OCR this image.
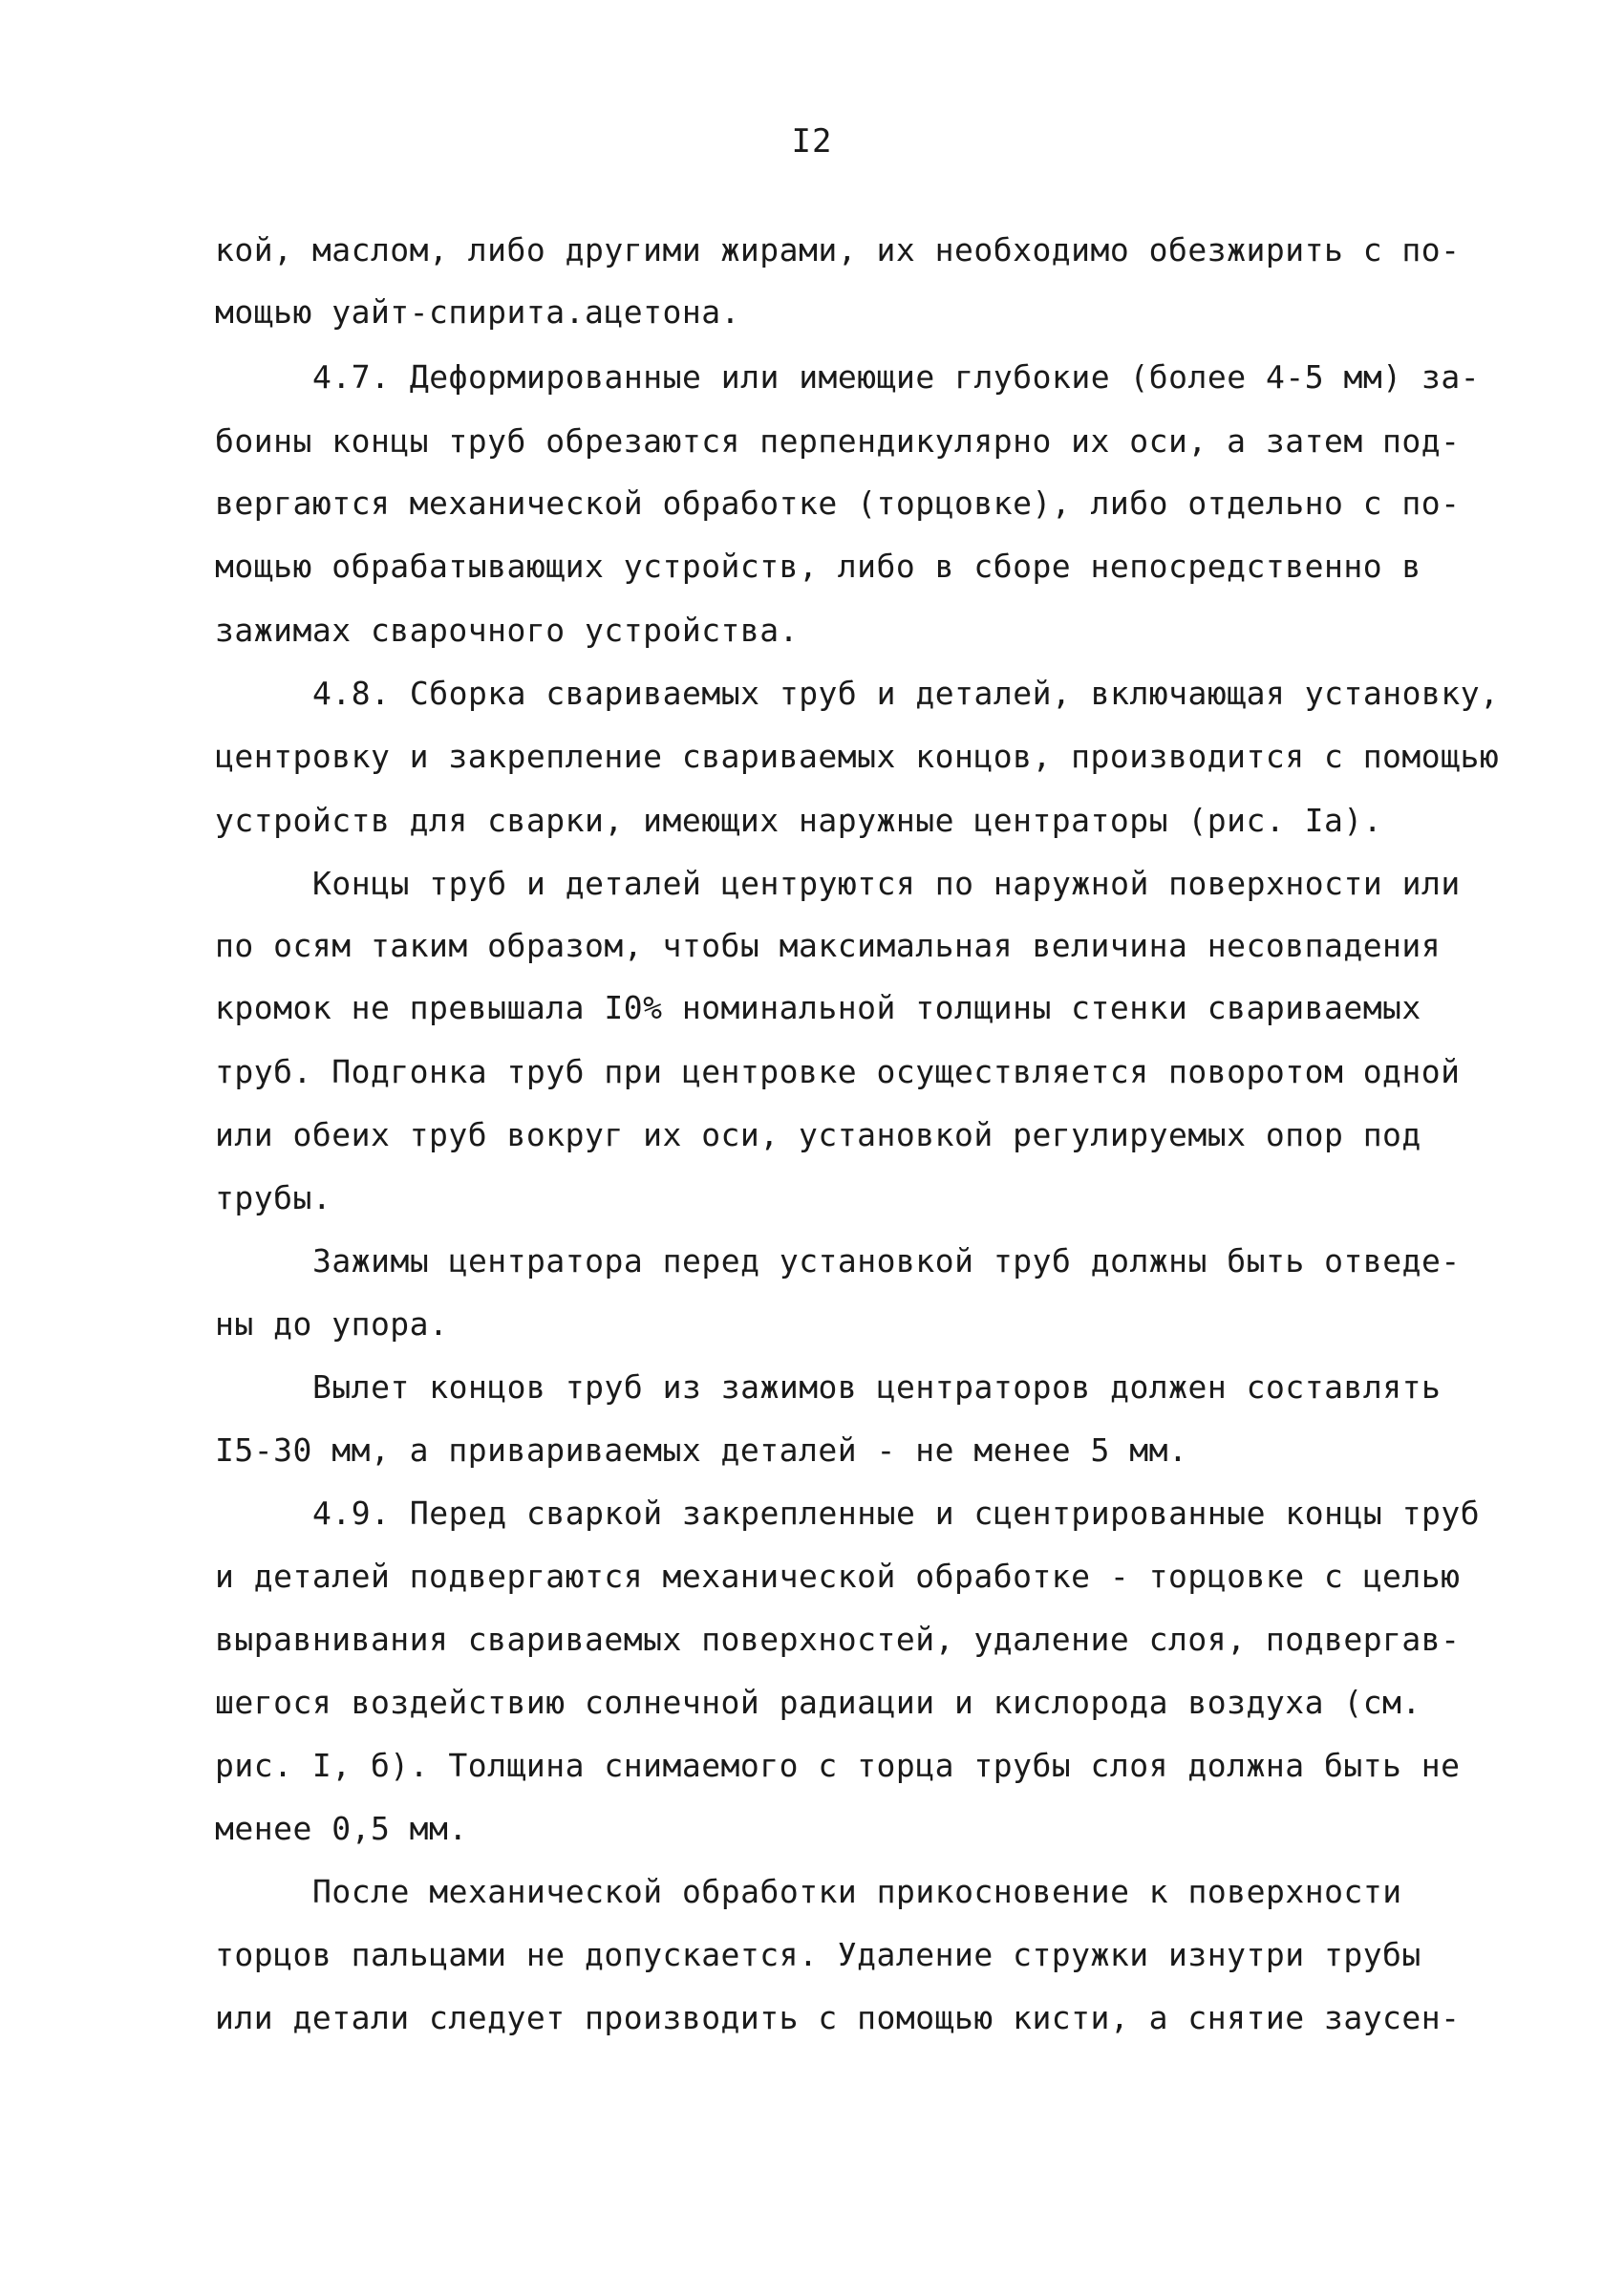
I2
кой, маслом, либо другими жирами, их необходимо обезжирить с по-
мощью уайт-спирита.ацетона.
4.7. Деформированные или имеющие глубокие (более 4-5 мм) за-
боины концы труб обрезаются перпендикулярно их оси, а затем под-
вергаются механической обработке (торцовке), либо отдельно с по-
мощью обрабатывающих устройств, либо в сборе непосредственно в
зажимах сварочного устройства.
4.8. Сборка свариваемых труб и деталей, включающая установку,
центровку и закрепление свариваемых концов, производится с помощью
устройств для сварки, имеющих наружные центраторы (рис. Iа).
Концы труб и деталей центруются по наружной поверхности или
по осям таким образом, чтобы максимальная величина несовпадения
кромок не превышала I0% номинальной толщины стенки свариваемых
труб. Подгонка труб при центровке осуществляется поворотом одной
или обеих труб вокруг их оси, установкой регулируемых опор под
трубы.
Зажимы центратора перед установкой труб должны быть отведе-
ны до упора.
Вылет концов труб из зажимов центраторов должен составлять
I5-30 мм, а привариваемых деталей - не менее 5 мм.
4.9. Перед сваркой закрепленные и сцентрированные концы труб
и деталей подвергаются механической обработке - торцовке с целью
выравнивания свариваемых поверхностей, удаление слоя, подвергав-
шегося воздействию солнечной радиации и кислорода воздуха (см.
рис. I, б). Толщина снимаемого с торца трубы слоя должна быть не
менее 0,5 мм.
После механической обработки прикосновение к поверхности
торцов пальцами не допускается. Удаление стружки изнутри трубы
или детали следует производить с помощью кисти, а снятие заусен-
